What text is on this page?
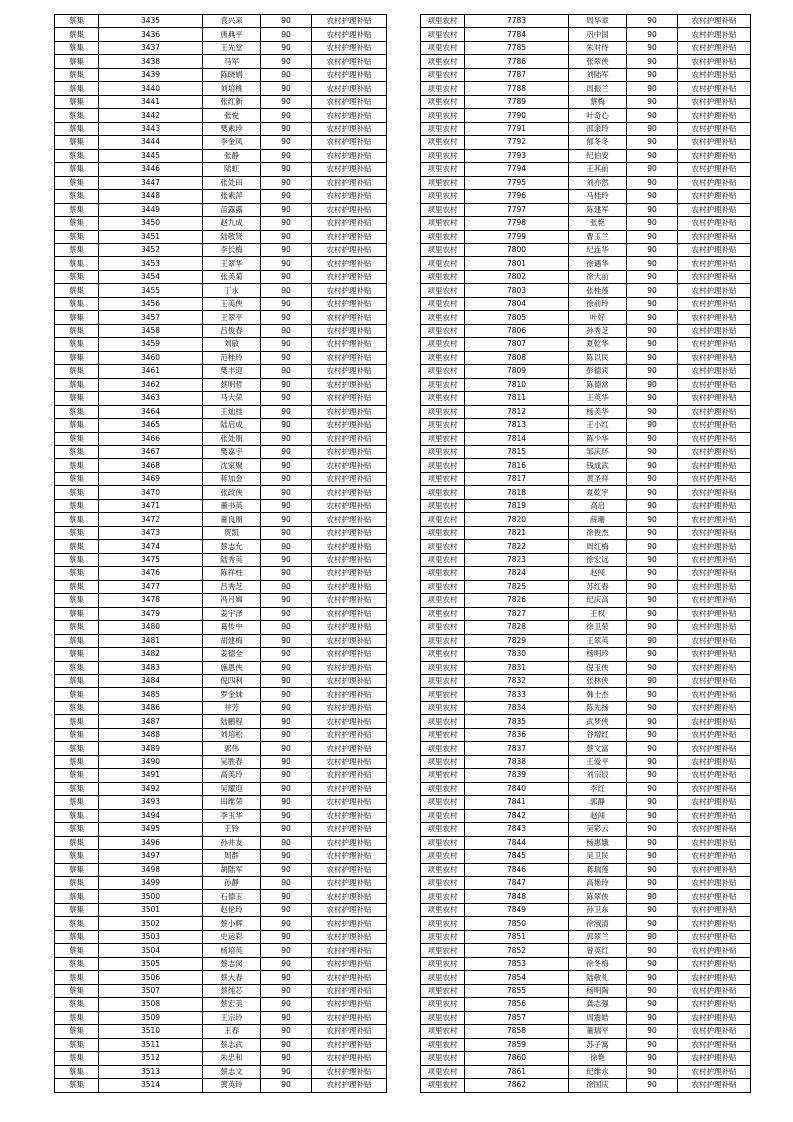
蔡集	3435	袁兴来	90	农村护理补贴
蔡集	3436	唐典平	90	农村护理补贴
蔡集	3437	王先堂	90	农村护理补贴
蔡集	3438	马军	90	农村护理补贴
蔡集	3439	陈晓娟	90	农村护理补贴
蔡集	3440	刘培桃	90	农村护理补贴
蔡集	3441	张红新	90	农村护理补贴
蔡集	3442	张悦	90	农村护理补贴
蔡集	3443	樊素珍	90	农村护理补贴
蔡集	3444	李金凤	90	农村护理补贴
蔡集	3445	张静	90	农村护理补贴
蔡集	3446	陆虹	90	农村护理补贴
蔡集	3447	张处田	90	农村护理补贴
蔡集	3448	张素萍	90	农村护理补贴
蔡集	3449	苗露露	90	农村护理补贴
蔡集	3450	赵九成	90	农村护理补贴
蔡集	3451	陆敬贤	90	农村护理补贴
蔡集	3452	李长梅	90	农村护理补贴
蔡集	3453	王翠华	90	农村护理补贴
蔡集	3454	张美菊	90	农村护理补贴
蔡集	3455	丁永	90	农村护理补贴
蔡集	3456	王美侠	90	农村护理补贴
蔡集	3457	王翠平	90	农村护理补贴
蔡集	3458	吕俊春	90	农村护理补贴
蔡集	3459	刘敏	90	农村护理补贴
蔡集	3460	范桂玲	90	农村护理补贴
蔡集	3461	樊丰迎	90	农村护理补贴
蔡集	3462	蔡明哲	90	农村护理补贴
蔡集	3463	马大荣	90	农村护理补贴
蔡集	3464	王灿桂	90	农村护理补贴
蔡集	3465	陆启成	90	农村护理补贴
蔡集	3466	张处朋	90	农村护理补贴
蔡集	3467	樊嘉宇	90	农村护理补贴
蔡集	3468	沈家聚	90	农村护理补贴
蔡集	3469	蒋加金	90	农村护理补贴
蔡集	3470	张政侠	90	农村护理补贴
蔡集	3471	董书英	90	农村护理补贴
蔡集	3472	董良朋	90	农村护理补贴
蔡集	3473	贺凯	90	农村护理补贴
蔡集	3474	蔡志允	90	农村护理补贴
蔡集	3475	陆秀英	90	农村护理补贴
蔡集	3476	陈祥柱	90	农村护理补贴
蔡集	3477	吕秀芝	90	农村护理补贴
蔡集	3478	冯月嫦	90	农村护理补贴
蔡集	3479	姜宇泽	90	农村护理补贴
蔡集	3480	葛传中	90	农村护理补贴
蔡集	3481	胡建梅	90	农村护理补贴
蔡集	3482	姜德全	90	农村护理补贴
蔡集	3483	施恩侠	90	农村护理补贴
蔡集	3484	倪四利	90	农村护理补贴
蔡集	3485	罗金妹	90	农村护理补贴
蔡集	3486	井芳	90	农村护理补贴
蔡集	3487	陆鹏程	90	农村护理补贴
蔡集	3488	刘培松	90	农村护理补贴
蔡集	3489	郭伟	90	农村护理补贴
蔡集	3490	吴胜春	90	农村护理补贴
蔡集	3491	高美玲	90	农村护理补贴
蔡集	3492	吴耀迎	90	农村护理补贴
蔡集	3493	田维荣	90	农村护理补贴
蔡集	3494	李玉华	90	农村护理补贴
蔡集	3495	王铃	90	农村护理补贴
蔡集	3496	孙井友	90	农村护理补贴
蔡集	3497	周群	90	农村护理补贴
蔡集	3498	胡陆军	90	农村护理补贴
蔡集	3499	孙静	90	农村护理补贴
蔡集	3500	石德玉	90	农村护理补贴
蔡集	3501	赵伦玲	90	农村护理补贴
蔡集	3502	蔡小辉	90	农村护理补贴
蔡集	3503	史运彩	90	农村护理补贴
蔡集	3504	杨培英	90	农村护理补贴
蔡集	3505	蔡志闵	90	农村护理补贴
蔡集	3506	蔡大春	90	农村护理补贴
蔡集	3507	蔡纯芯	90	农村护理补贴
蔡集	3508	蔡宏美	90	农村护理补贴
蔡集	3509	王宗玲	90	农村护理补贴
蔡集	3510	王春	90	农村护理补贴
蔡集	3511	蔡志武	90	农村护理补贴
蔡集	3512	朱忠和	90	农村护理补贴
蔡集	3513	蔡志文	90	农村护理补贴
蔡集	3514	黄英玲	90	农村护理补贴
项里农村	7783	周华章	90	农村护理补贴
项里农村	7784	巩中国	90	农村护理补贴
项里农村	7785	朱对侍	90	农村护理补贴
项里农村	7786	张翠侠	90	农村护理补贴
项里农村	7787	刘陆军	90	农村护理补贴
项里农村	7788	周振兰	90	农村护理补贴
项里农村	7789	蔡梅	90	农村护理补贴
项里农村	7790	叶奇心	90	农村护理补贴
项里农村	7791	邵余玲	90	农村护理补贴
项里农村	7792	郁冬冬	90	农村护理补贴
项里农村	7793	纪伯安	90	农村护理补贴
项里农村	7794	王其前	90	农村护理补贴
项里农村	7795	刘亦然	90	农村护理补贴
项里农村	7796	马桂玲	90	农村护理补贴
项里农村	7797	陈建军	90	农村护理补贴
项里农村	7798	张艳	90	农村护理补贴
项里农村	7799	曹玉兰	90	农村护理补贴
项里农村	7800	纪连华	90	农村护理补贴
项里农村	7801	徐遇华	90	农村护理补贴
项里农村	7802	徐大前	90	农村护理补贴
项里农村	7803	张桂莲	90	农村护理补贴
项里农村	7804	徐前玲	90	农村护理补贴
项里农村	7805	叶好	90	农村护理补贴
项里农村	7806	孙秀芝	90	农村护理补贴
项里农村	7807	夏乾华	90	农村护理补贴
项里农村	7808	陈以民	90	农村护理补贴
项里农村	7809	彭德宾	90	农村护理补贴
项里农村	7810	陈德常	90	农村护理补贴
项里农村	7811	王英华	90	农村护理补贴
项里农村	7812	杨美华	90	农村护理补贴
项里农村	7813	王小红	90	农村护理补贴
项里农村	7814	陈少华	90	农村护理补贴
项里农村	7815	邹庆环	90	农村护理补贴
项里农村	7816	钱成武	90	农村护理补贴
项里农村	7817	黄圣祥	90	农村护理补贴
项里农村	7818	夏乾宇	90	农村护理补贴
项里农村	7819	高启	90	农村护理补贴
项里农村	7820	薛珊	90	农村护理补贴
项里农村	7821	徐俊杰	90	农村护理补贴
项里农村	7822	周红梅	90	农村护理补贴
项里农村	7823	徐宏远	90	农村护理补贴
项里农村	7824	赵闯	90	农村护理补贴
项里农村	7825	苏红春	90	农村护理补贴
项里农村	7826	纪庆高	90	农村护理补贴
项里农村	7827	王权	90	农村护理补贴
项里农村	7828	徐卫荣	90	农村护理补贴
项里农村	7829	王翠英	90	农村护理补贴
项里农村	7830	杨明珍	90	农村护理补贴
项里农村	7831	倪玉侠	90	农村护理补贴
项里农村	7832	张林侠	90	农村护理补贴
项里农村	7833	韩士杰	90	农村护理补贴
项里农村	7834	陈先扬	90	农村护理补贴
项里农村	7835	武梦侠	90	农村护理补贴
项里农村	7836	谷增红	90	农村护理补贴
项里农村	7837	蔡文富	90	农村护理补贴
项里农村	7838	王爱平	90	农村护理补贴
项里农村	7839	刘宗辰	90	农村护理补贴
项里农村	7840	李红	90	农村护理补贴
项里农村	7841	郭静	90	农村护理补贴
项里农村	7842	赵闯	90	农村护理补贴
项里农村	7843	吴彩云	90	农村护理补贴
项里农村	7844	杨惠娥	90	农村护理补贴
项里农村	7845	吴卫民	90	农村护理补贴
项里农村	7846	蒋瑞莲	90	农村护理补贴
项里农村	7847	高艳玲	90	农村护理补贴
项里农村	7848	陈翠侠	90	农村护理补贴
项里农村	7849	孙卫东	90	农村护理补贴
项里农村	7850	徐淑清	90	农村护理补贴
项里农村	7851	郭翠兰	90	农村护理补贴
项里农村	7852	曾英红	90	农村护理补贴
项里农村	7853	徐冬梅	90	农村护理补贴
项里农村	7854	陆敬礼	90	农村护理补贴
项里农村	7855	杨明陶	90	农村护理补贴
项里农村	7856	龚志强	90	农村护理补贴
项里农村	7857	周震皓	90	农村护理补贴
项里农村	7858	董瑞平	90	农村护理补贴
项里农村	7859	苏子寓	90	农村护理补贴
项里农村	7860	徐艳	90	农村护理补贴
项里农村	7861	纪维永	90	农村护理补贴
项里农村	7862	徐国庆	90	农村护理补贴
